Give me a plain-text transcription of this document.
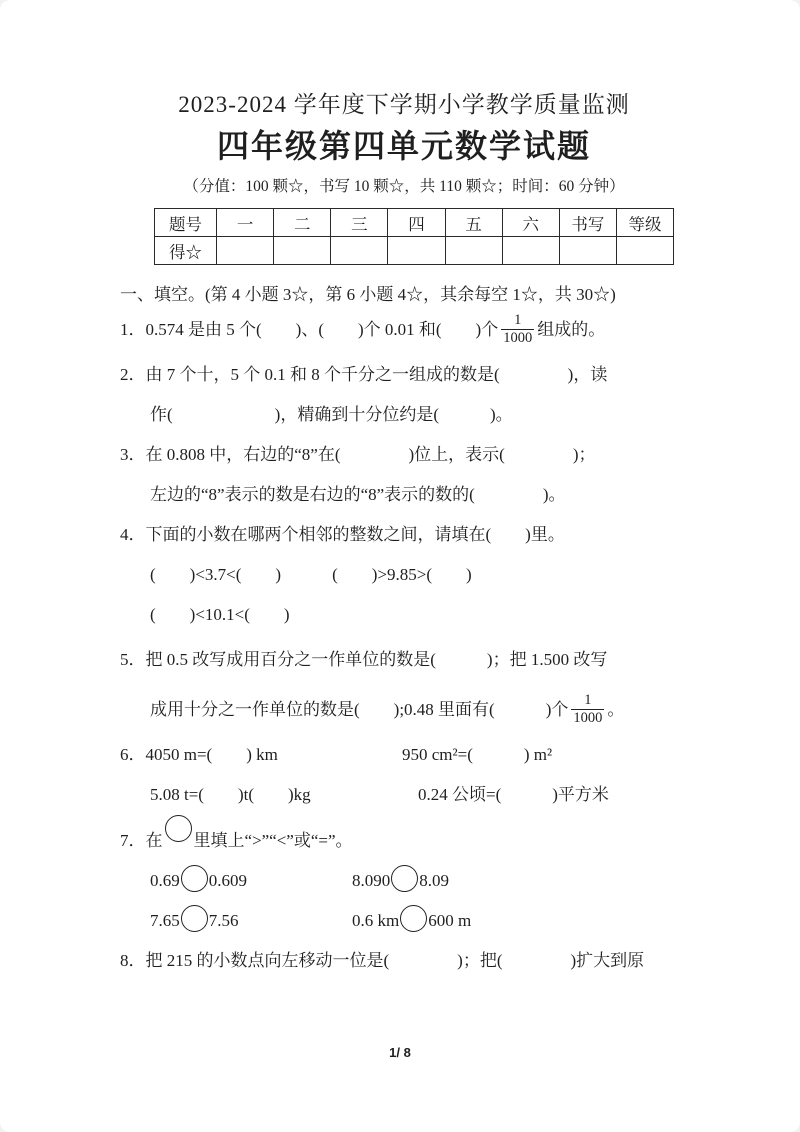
2023-2024 学年度下学期小学教学质量监测
四年级第四单元数学试题
（分值：100 颗☆，书写 10 颗☆，共 110 颗☆；时间：60 分钟）
题号	一	二	三	四	五	六	书写	等级
得☆								
一、填空。(第 4 小题 3☆，第 6 小题 4☆，其余每空 1☆，共 30☆)
1．0.574 是由 5 个(　　)、(　　)个 0.01 和(　　)个 $\frac{1}{1000}$ 组成的。
2．由 7 个十，5 个 0.1 和 8 个千分之一组成的数是(　　　　)，读
作(　　　　　　)，精确到十分位约是(　　　)。
3．在 0.808 中，右边的“8”在(　　　　)位上，表示(　　　　)；
左边的“8”表示的数是右边的“8”表示的数的(　　　　)。
4．下面的小数在哪两个相邻的整数之间，请填在(　　)里。
(　　)<3.7<(　　)　　　(　　)>9.85>(　　)
(　　)<10.1<(　　)
5．把 0.5 改写成用百分之一作单位的数是(　　　)；把 1.500 改写
成用十分之一作单位的数是(　　);0.48 里面有(　　　)个 $\frac{1}{1000}$ 。
6．4050 m=(　　) km	950 cm²=(　　　) m²
5.08 t=(　　)t(　　)kg	0.24 公顷=(　　　)平方米
7．在 里填上“>”“<”或“=”。
0.69 0.609	8.090 8.09
7.65 7.56	0.6 km 600 m
8．把 215 的小数点向左移动一位是(　　　　)；把(　　　　)扩大到原
1/ 8
